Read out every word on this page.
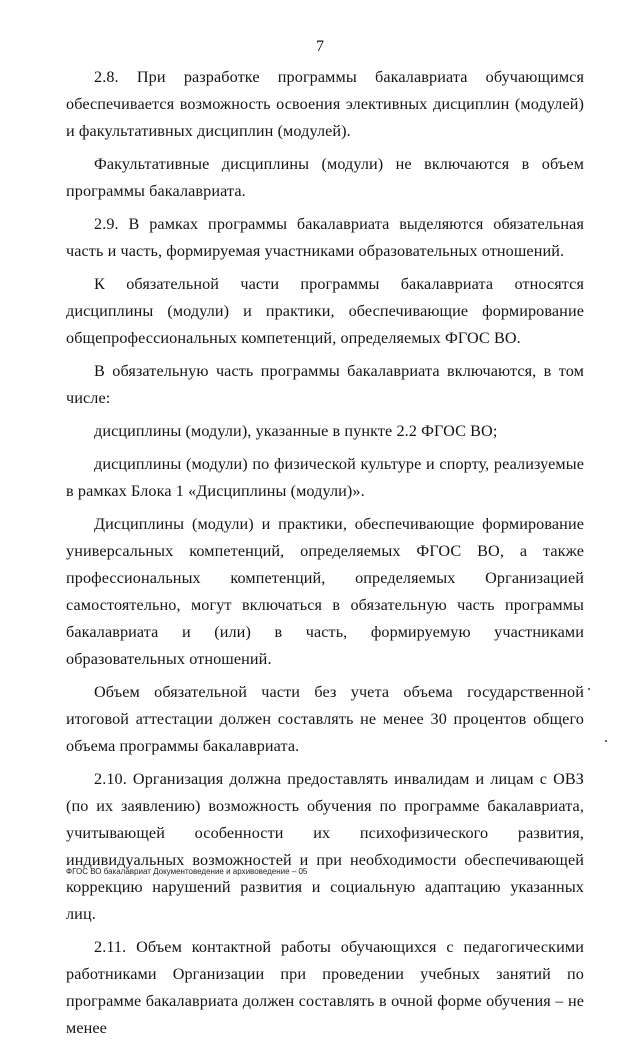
7

2.8. При разработке программы бакалавриата обучающимся обеспечивается возможность освоения элективных дисциплин (модулей) и факультативных дисциплин (модулей).

Факультативные дисциплины (модули) не включаются в объем программы бакалавриата.

2.9. В рамках программы бакалавриата выделяются обязательная часть и часть, формируемая участниками образовательных отношений.

К обязательной части программы бакалавриата относятся дисциплины (модули) и практики, обеспечивающие формирование общепрофессиональных компетенций, определяемых ФГОС ВО.

В обязательную часть программы бакалавриата включаются, в том числе:

дисциплины (модули), указанные в пункте 2.2 ФГОС ВО;

дисциплины (модули) по физической культуре и спорту, реализуемые в рамках Блока 1 «Дисциплины (модули)».

Дисциплины (модули) и практики, обеспечивающие формирование универсальных компетенций, определяемых ФГОС ВО, а также профессиональных компетенций, определяемых Организацией самостоятельно, могут включаться в обязательную часть программы бакалавриата и (или) в часть, формируемую участниками образовательных отношений.

Объем обязательной части без учета объема государственной итоговой аттестации должен составлять не менее 30 процентов общего объема программы бакалавриата.

2.10. Организация должна предоставлять инвалидам и лицам с ОВЗ (по их заявлению) возможность обучения по программе бакалавриата, учитывающей особенности их психофизического развития, индивидуальных возможностей и при необходимости обеспечивающей коррекцию нарушений развития и социальную адаптацию указанных лиц.

2.11. Объем контактной работы обучающихся с педагогическими работниками Организации при проведении учебных занятий по программе бакалавриата должен составлять в очной форме обучения – не менее

ФГОС ВО бакалавриат Документоведение и архивоведение – 05
